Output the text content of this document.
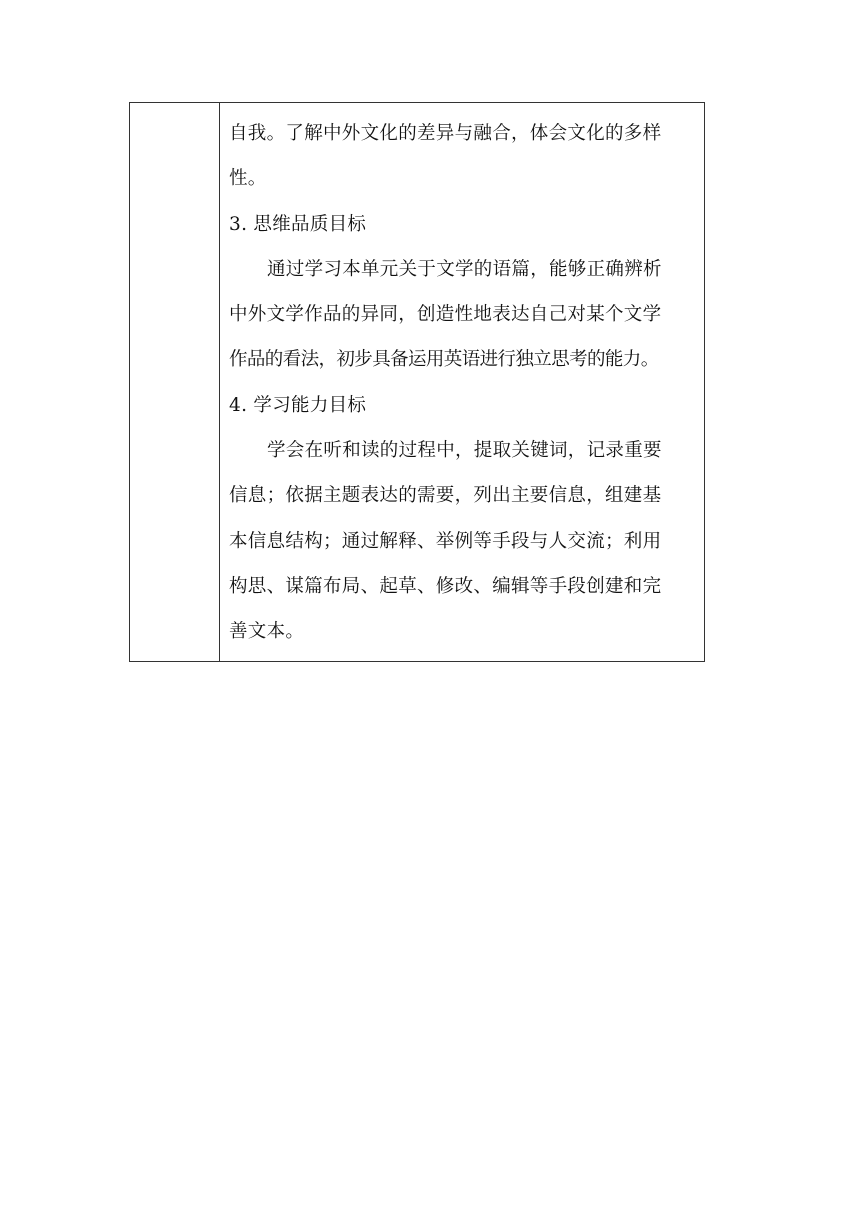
自我。了解中外文化的差异与融合，体会文化的多样
性。
3. 思维品质目标
通过学习本单元关于文学的语篇，能够正确辨析
中外文学作品的异同，创造性地表达自己对某个文学
作品的看法，初步具备运用英语进行独立思考的能力。
4. 学习能力目标
学会在听和读的过程中，提取关键词，记录重要
信息；依据主题表达的需要，列出主要信息，组建基
本信息结构；通过解释、举例等手段与人交流；利用
构思、谋篇布局、起草、修改、编辑等手段创建和完
善文本。
